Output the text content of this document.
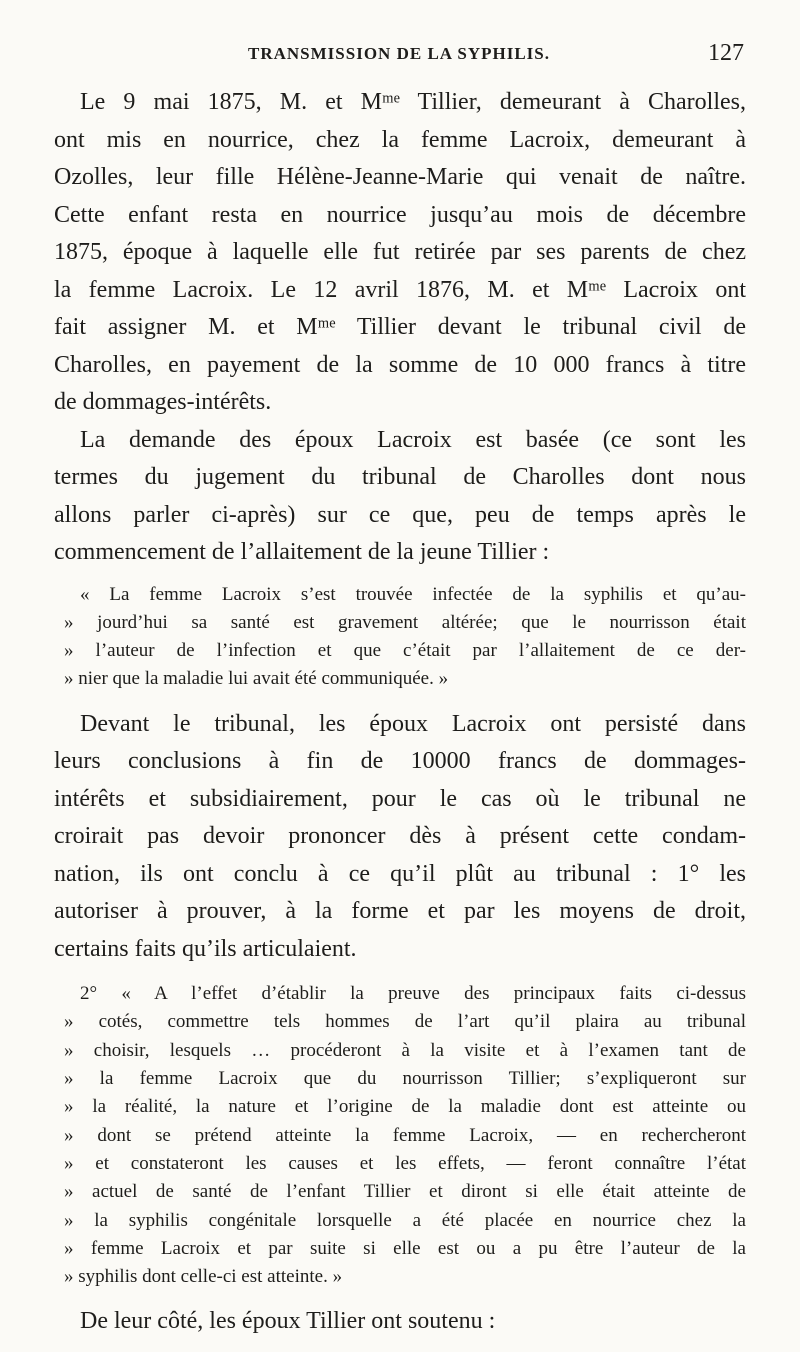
TRANSMISSION DE LA SYPHILIS.	127
Le 9 mai 1875, M. et Mᵐᵉ Tillier, demeurant à Charolles,
ont mis en nourrice, chez la femme Lacroix, demeurant à
Ozolles, leur fille Hélène-Jeanne-Marie qui venait de naître.
Cette enfant resta en nourrice jusqu’au mois de décembre
1875, époque à laquelle elle fut retirée par ses parents de chez
la femme Lacroix. Le 12 avril 1876, M. et Mᵐᵉ Lacroix ont
fait assigner M. et Mᵐᵉ Tillier devant le tribunal civil de
Charolles, en payement de la somme de 10 000 francs à titre
de dommages-intérêts.
La demande des époux Lacroix est basée (ce sont les
termes du jugement du tribunal de Charolles dont nous
allons parler ci-après) sur ce que, peu de temps après le
commencement de l’allaitement de la jeune Tillier :
« La femme Lacroix s’est trouvée infectée de la syphilis et qu’au-
» jourd’hui sa santé est gravement altérée; que le nourrisson était
» l’auteur de l’infection et que c’était par l’allaitement de ce der-
» nier que la maladie lui avait été communiquée. »
Devant le tribunal, les époux Lacroix ont persisté dans
leurs conclusions à fin de 10000 francs de dommages-
intérêts et subsidiairement, pour le cas où le tribunal ne
croirait pas devoir prononcer dès à présent cette condam-
nation, ils ont conclu à ce qu’il plût au tribunal : 1° les
autoriser à prouver, à la forme et par les moyens de droit,
certains faits qu’ils articulaient.
2° « A l’effet d’établir la preuve des principaux faits ci-dessus
» cotés, commettre tels hommes de l’art qu’il plaira au tribunal
» choisir, lesquels … procéderont à la visite et à l’examen tant de
» la femme Lacroix que du nourrisson Tillier; s’expliqueront sur
» la réalité, la nature et l’origine de la maladie dont est atteinte ou
» dont se prétend atteinte la femme Lacroix, — en rechercheront
» et constateront les causes et les effets, — feront connaître l’état
» actuel de santé de l’enfant Tillier et diront si elle était atteinte de
» la syphilis congénitale lorsquelle a été placée en nourrice chez la
» femme Lacroix et par suite si elle est ou a pu être l’auteur de la
» syphilis dont celle-ci est atteinte. »
De leur côté, les époux Tillier ont soutenu :
